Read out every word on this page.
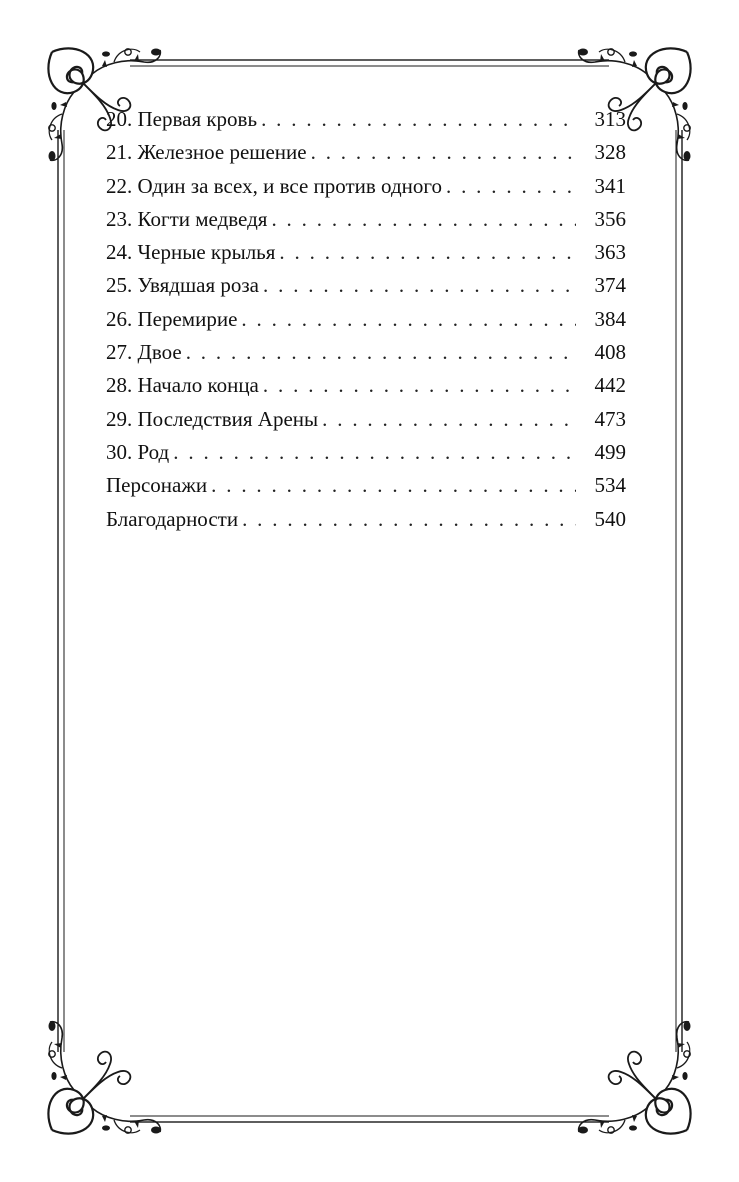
20. Первая кровь . . .	313
21. Железное решение . . .	328
22. Один за всех, и все против одного . . .	341
23. Когти медведя . . .	356
24. Черные крылья . . .	363
25. Увядшая роза . . .	374
26. Перемирие . . .	384
27. Двое . . .	408
28. Начало конца . . .	442
29. Последствия Арены . . .	473
30. Род . . .	499
Персонажи . . .	534
Благодарности . . .	540
